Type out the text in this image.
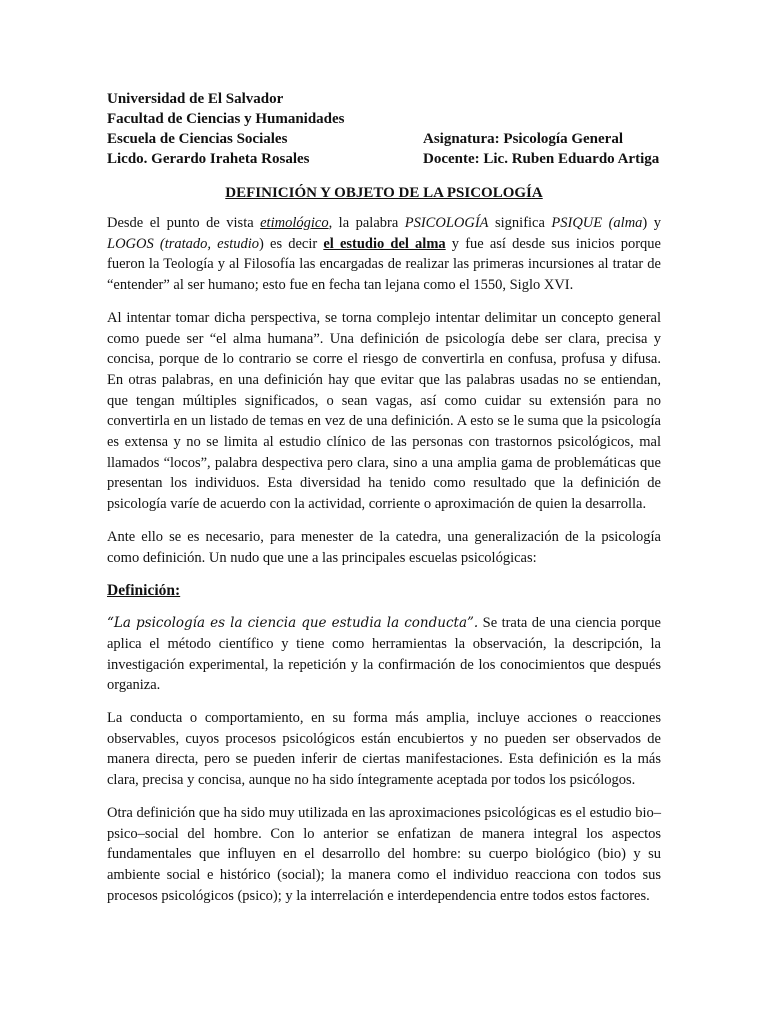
Universidad de El Salvador
Facultad de Ciencias y Humanidades
Escuela de Ciencias Sociales	Asignatura: Psicología General
Licdo. Gerardo Iraheta Rosales	Docente: Lic. Ruben Eduardo Artiga
DEFINICIÓN Y OBJETO DE LA PSICOLOGÍA

Desde el punto de vista etimológico, la palabra PSICOLOGÍA significa PSIQUE (alma) y LOGOS (tratado, estudio) es decir el estudio del alma y fue así desde sus inicios porque fueron la Teología y al Filosofía las encargadas de realizar las primeras incursiones al tratar de “entender” al ser humano; esto fue en fecha tan lejana como el 1550, Siglo XVI.

Al intentar tomar dicha perspectiva, se torna complejo intentar delimitar un concepto general como puede ser “el alma humana”. Una definición de psicología debe ser clara, precisa y concisa, porque de lo contrario se corre el riesgo de convertirla en confusa, profusa y difusa. En otras palabras, en una definición hay que evitar que las palabras usadas no se entiendan, que tengan múltiples significados, o sean vagas, así como cuidar su extensión para no convertirla en un listado de temas en vez de una definición. A esto se le suma que la psicología es extensa y no se limita al estudio clínico de las personas con trastornos psicológicos, mal llamados “locos”, palabra despectiva pero clara, sino a una amplia gama de problemáticas que presentan los individuos. Esta diversidad ha tenido como resultado que la definición de psicología varíe de acuerdo con la actividad, corriente o aproximación de quien la desarrolla.

Ante ello se es necesario, para menester de la catedra, una generalización de la psicología como definición. Un nudo que une a las principales escuelas psicológicas:

Definición:

“La psicología es la ciencia que estudia la conducta”. Se trata de una ciencia porque aplica el método científico y tiene como herramientas la observación, la descripción, la investigación experimental, la repetición y la confirmación de los conocimientos que después organiza.

La conducta o comportamiento, en su forma más amplia, incluye acciones o reacciones observables, cuyos procesos psicológicos están encubiertos y no pueden ser observados de manera directa, pero se pueden inferir de ciertas manifestaciones. Esta definición es la más clara, precisa y concisa, aunque no ha sido íntegramente aceptada por todos los psicólogos.

Otra definición que ha sido muy utilizada en las aproximaciones psicológicas es el estudio bio–psico–social del hombre. Con lo anterior se enfatizan de manera integral los aspectos fundamentales que influyen en el desarrollo del hombre: su cuerpo biológico (bio) y su ambiente social e histórico (social); la manera como el individuo reacciona con todos sus procesos psicológicos (psico); y la interrelación e interdependencia entre todos estos factores.
